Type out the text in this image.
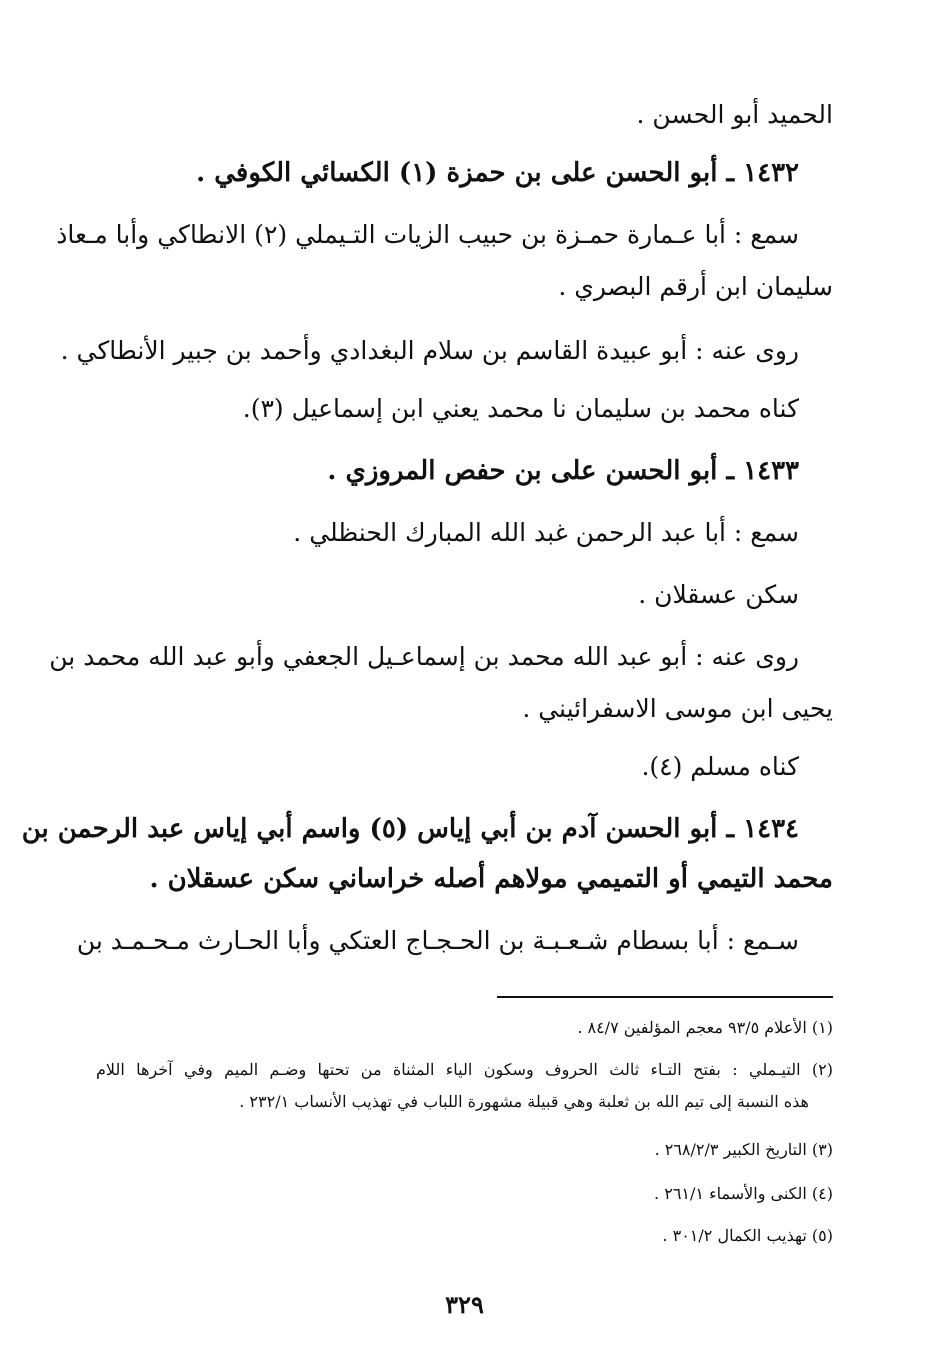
الحميد أبو الحسن .
١٤٣٢ ـ أبو الحسن على بن حمزة (١) الكسائي الكوفي .
سمع : أبا عـمارة حمـزة بن حبيب الزيات التـيملي (٢) الانطاكي وأبا مـعاذ
سليمان ابن أرقم البصري .
روى عنه : أبو عبيدة القاسم بن سلام البغدادي وأحمد بن جبير الأنطاكي .
كناه محمد بن سليمان نا محمد يعني ابن إسماعيل (٣).
١٤٣٣ ـ أبو الحسن على بن حفص المروزي .
سمع : أبا عبد الرحمن غبد الله المبارك الحنظلي .
سكن عسقلان .
روى عنه : أبو عبد الله محمد بن إسماعـيل الجعفي وأبو عبد الله محمد بن
يحيى ابن موسى الاسفرائيني .
كناه مسلم (٤).
١٤٣٤ ـ أبو الحسن آدم بن أبي إياس (٥) واسم أبي إياس عبد الرحمن بن
محمد التيمي أو التميمي مولاهم أصله خراساني سكن عسقلان .
سـمع : أبا بسطام شـعـبـة بن الحـجـاج العتكي وأبا الحـارث مـحـمـد بن
(١) الأعلام ٩٣/٥ معجم المؤلفين ٨٤/٧ .
(٢) التيـملي : بفتح التـاء ثالث الحروف وسكون الياء المثناة من تحتها وضـم الميم وفي آخرها اللام
هذه النسبة إلى تيم الله بن ثعلبة وهي قبيلة مشهورة اللباب في تهذيب الأنساب ٢٣٢/١ .
(٣) التاريخ الكبير ٢٦٨/٢/٣ .
(٤) الكنى والأسماء ٢٦١/١ .
(٥) تهذيب الكمال ٣٠١/٢ .
٣٢٩
